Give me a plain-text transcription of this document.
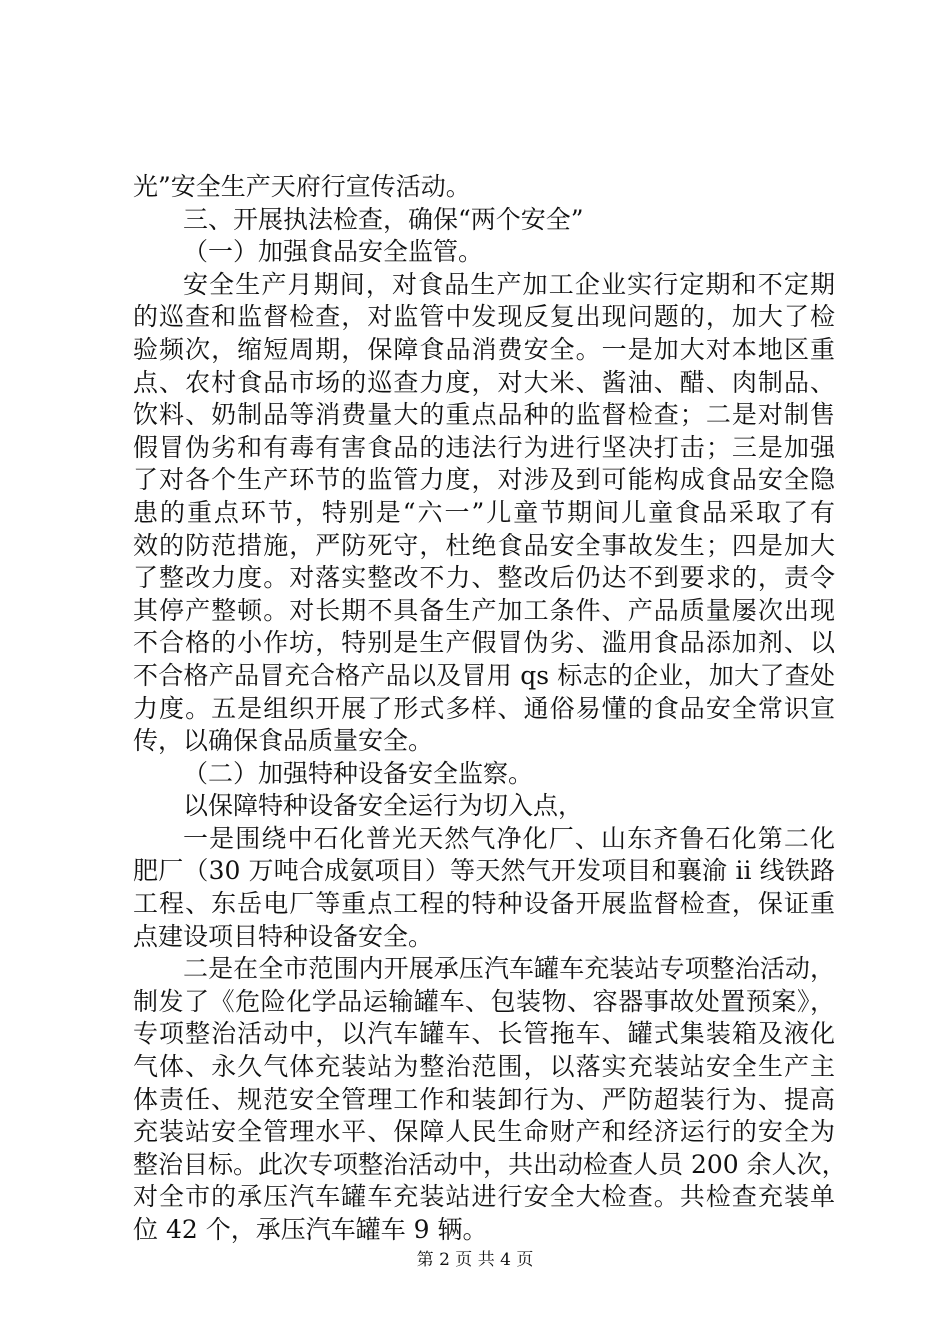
光”安全生产天府行宣传活动。
三、开展执法检查，确保“两个安全”
（一）加强食品安全监管。
安全生产月期间，对食品生产加工企业实行定期和不定期
的巡查和监督检查，对监管中发现反复出现问题的，加大了检
验频次，缩短周期，保障食品消费安全。一是加大对本地区重
点、农村食品市场的巡查力度，对大米、酱油、醋、肉制品、
饮料、奶制品等消费量大的重点品种的监督检查；二是对制售
假冒伪劣和有毒有害食品的违法行为进行坚决打击；三是加强
了对各个生产环节的监管力度，对涉及到可能构成食品安全隐
患的重点环节，特别是“六一”儿童节期间儿童食品采取了有
效的防范措施，严防死守，杜绝食品安全事故发生；四是加大
了整改力度。对落实整改不力、整改后仍达不到要求的，责令
其停产整顿。对长期不具备生产加工条件、产品质量屡次出现
不合格的小作坊，特别是生产假冒伪劣、滥用食品添加剂、以
不合格产品冒充合格产品以及冒用 qs 标志的企业，加大了查处
力度。五是组织开展了形式多样、通俗易懂的食品安全常识宣
传，以确保食品质量安全。
（二）加强特种设备安全监察。
以保障特种设备安全运行为切入点，
一是围绕中石化普光天然气净化厂、山东齐鲁石化第二化
肥厂（30 万吨合成氨项目）等天然气开发项目和襄渝 ii 线铁路
工程、东岳电厂等重点工程的特种设备开展监督检查，保证重
点建设项目特种设备安全。
二是在全市范围内开展承压汽车罐车充装站专项整治活动，
制发了《危险化学品运输罐车、包装物、容器事故处置预案》，
专项整治活动中，以汽车罐车、长管拖车、罐式集装箱及液化
气体、永久气体充装站为整治范围，以落实充装站安全生产主
体责任、规范安全管理工作和装卸行为、严防超装行为、提高
充装站安全管理水平、保障人民生命财产和经济运行的安全为
整治目标。此次专项整治活动中，共出动检查人员 200 余人次，
对全市的承压汽车罐车充装站进行安全大检查。共检查充装单
位 42 个，承压汽车罐车 9 辆。
第 2 页 共 4 页
